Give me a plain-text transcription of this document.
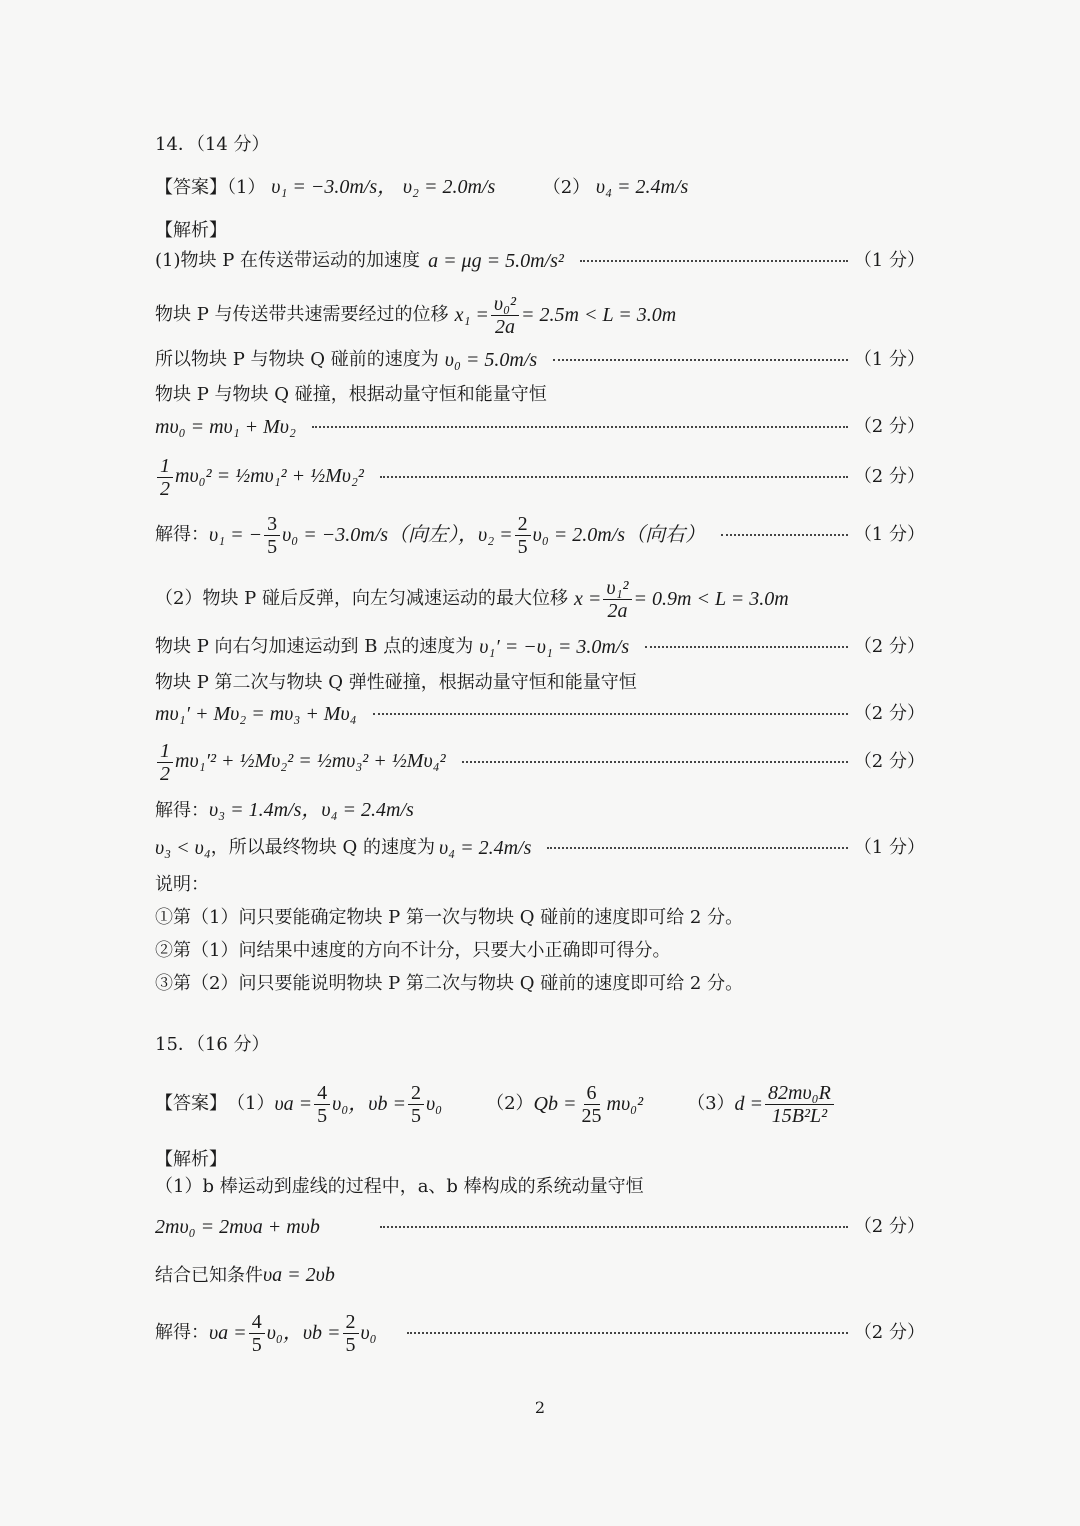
14．（14 分）
【答案】（1） υ₁ = −3.0m/s， υ₂ = 2.0m/s	（2） υ₄ = 2.4m/s
【解析】
(1)物块 P 在传送带运动的加速度 a = μg = 5.0m/s²	（1 分）
物块 P 与传送带共速需要经过的位移 $x_1 = \frac{\text{υ₀²}}{2a} = 2.5m < L = 3.0m$
所以物块 P 与物块 Q 碰前的速度为 υ₀ = 5.0m/s	（1 分）
物块 P 与物块 Q 碰撞，根据动量守恒和能量守恒
mυ₀ = mυ₁ + Mυ₂	（2 分）
$\frac{1}{2} m\upsilon_0^2$ = ½mυ₁² + ½Mυ₂²	（2 分）
解得： υ₁ = − $\frac{3}{5} \upsilon_0 = -3.0m/s$（向左），$\upsilon_2 = \frac{2}{5} \upsilon_0 = 2.0m/s$（向右）	（1 分）
（2）物块 P 碰后反弹，向左匀减速运动的最大位移 $x = \frac{\text{υ₁²}}{2a} = 0.9m < L = 3.0m$
物块 P 向右匀加速运动到 B 点的速度为 υ₁′ = −υ₁ = 3.0m/s	（2 分）
物块 P 第二次与物块 Q 弹性碰撞，根据动量守恒和能量守恒
mυ₁′ + Mυ₂ = mυ₃ + Mυ₄	（2 分）
$\frac{1}{2} m\upsilon_1'^2$ + ½Mυ₂² = ½mυ₃² + ½Mυ₄²	（2 分）
解得：υ₃ = 1.4m/s，υ₄ = 2.4m/s
υ₃ < υ₄ ，所以最终物块 Q 的速度为 υ₄ = 2.4m/s	（1 分）
说明：
①第（1）问只要能确定物块 P 第一次与物块 Q 碰前的速度即可给 2 分。
②第（1）问结果中速度的方向不计分，只要大小正确即可得分。
③第（2）问只要能说明物块 P 第二次与物块 Q 碰前的速度即可给 2 分。
15．（16 分）
【答案】 （1） $\upsilon a = \frac{4}{5} \upsilon_0$，$\upsilon b = \frac{2}{5} \upsilon_0$ （2） $Qb = \frac{6}{25} m\upsilon_0^2$ （3） $d = \frac{\text{82mυ₀R}}{\text{15B²L²}}$
【解析】
（1）b 棒运动到虚线的过程中，a、b 棒构成的系统动量守恒
2mυ₀ = 2mυa + mυb	（2 分）
结合已知条件υa = 2υb
解得： $\upsilon a = \frac{4}{5} \upsilon_0$，$\upsilon b = \frac{2}{5} \upsilon_0$	（2 分）
2
